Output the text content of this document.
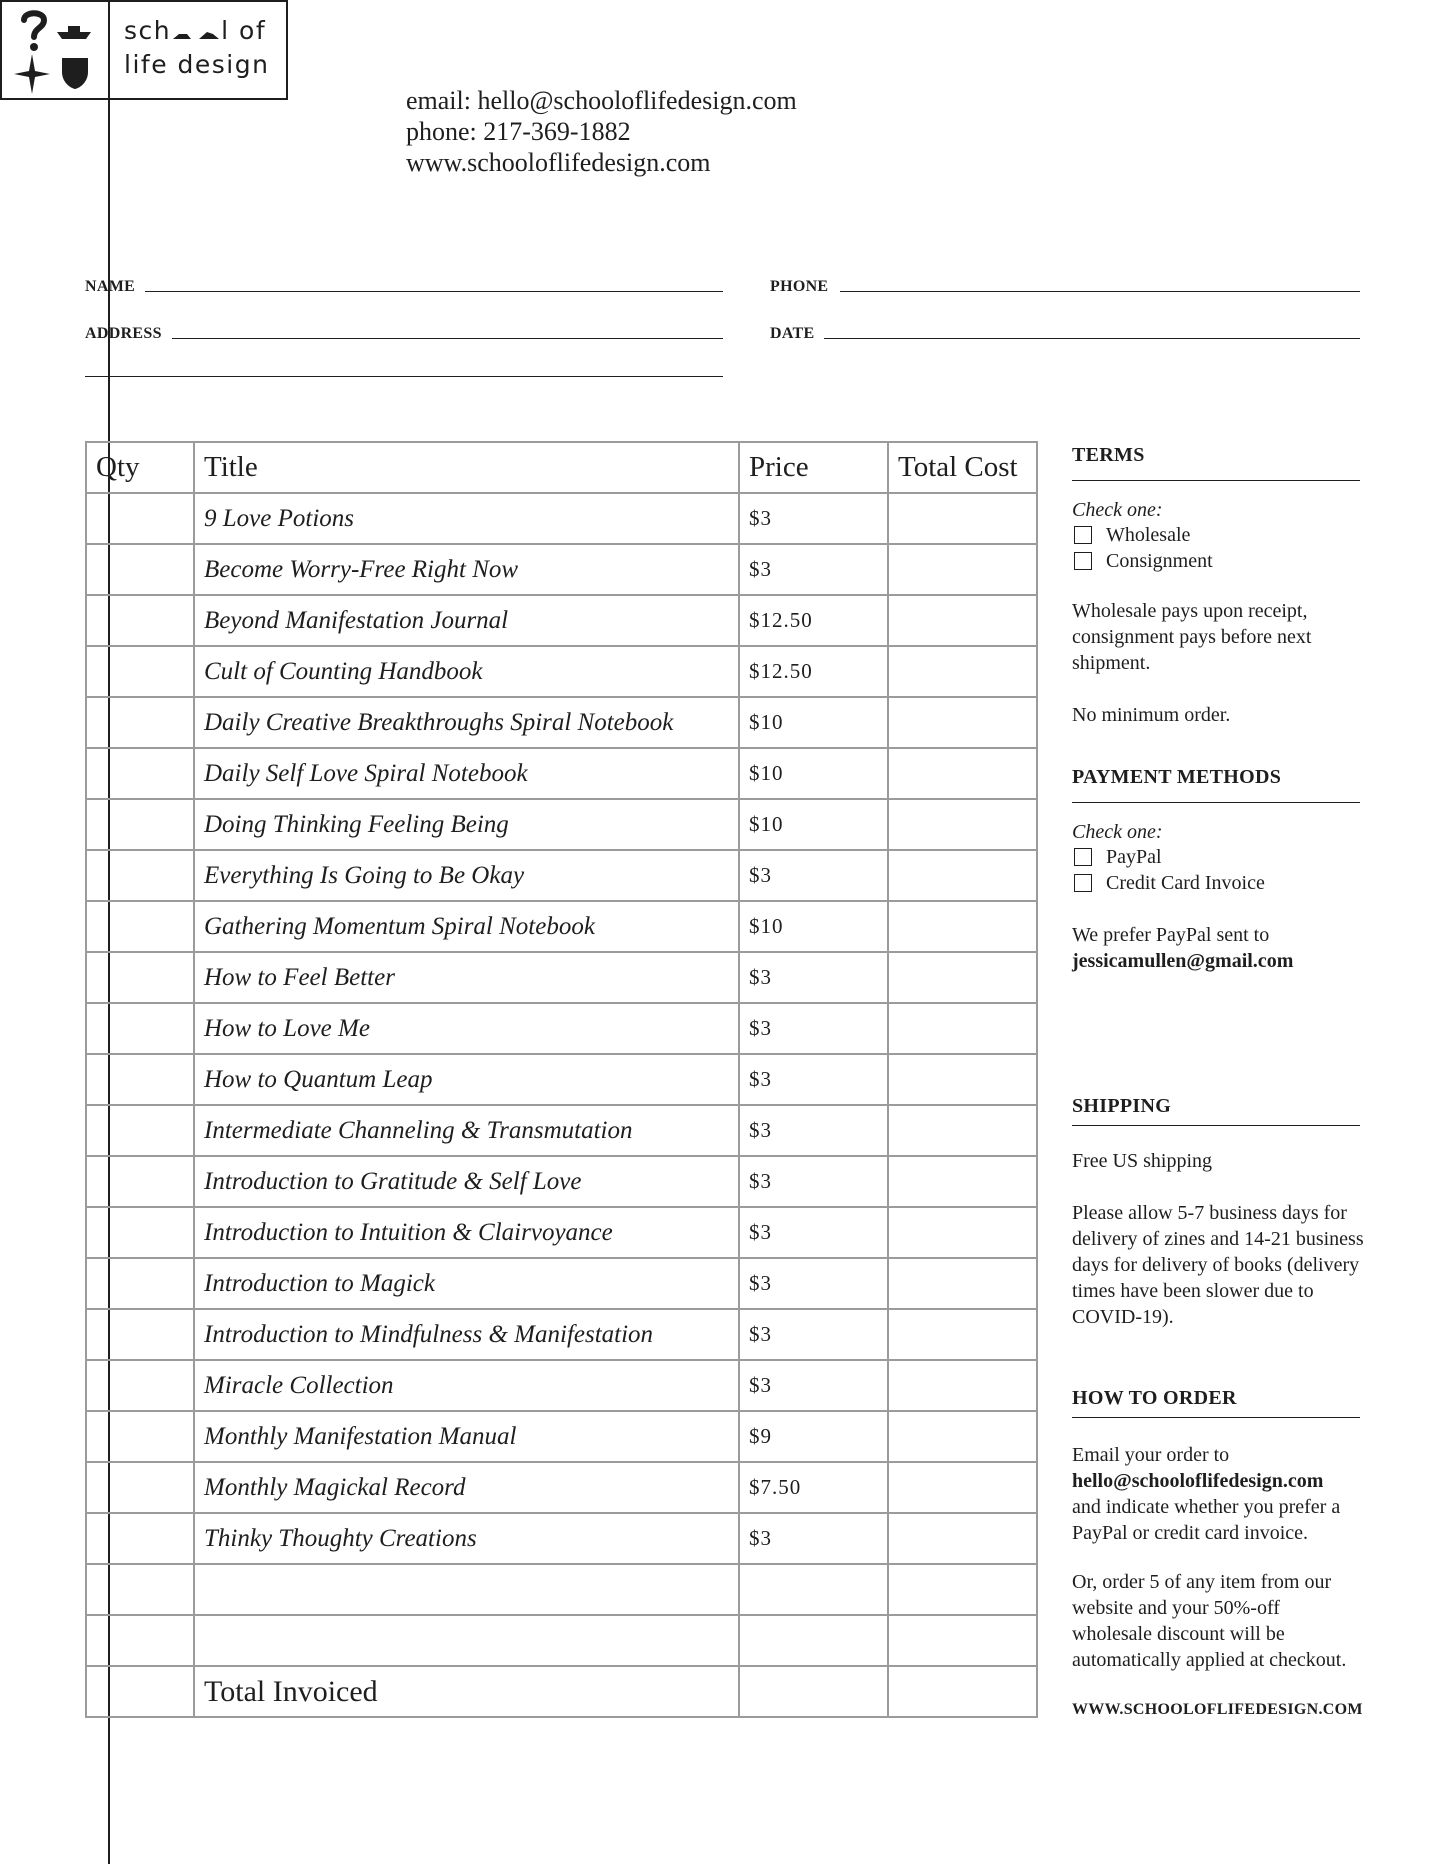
sch l of
life design
email: hello@schooloflifedesign.com
phone: 217-369-1882
www.schooloflifedesign.com
NAME
ADDRESS
PHONE
DATE
Qty	Title	Price	Total Cost
	9 Love Potions	$3	
	Become Worry-Free Right Now	$3	
	Beyond Manifestation Journal	$12.50	
	Cult of Counting Handbook	$12.50	
	Daily Creative Breakthroughs Spiral Notebook	$10	
	Daily Self Love Spiral Notebook	$10	
	Doing Thinking Feeling Being	$10	
	Everything Is Going to Be Okay	$3	
	Gathering Momentum Spiral Notebook	$10	
	How to Feel Better	$3	
	How to Love Me	$3	
	How to Quantum Leap	$3	
	Intermediate Channeling & Transmutation	$3	
	Introduction to Gratitude & Self Love	$3	
	Introduction to Intuition & Clairvoyance	$3	
	Introduction to Magick	$3	
	Introduction to Mindfulness & Manifestation	$3	
	Miracle Collection	$3	
	Monthly Manifestation Manual	$9	
	Monthly Magickal Record	$7.50	
	Thinky Thoughty Creations	$3	

	Total Invoiced		
TERMS
Check one:
Wholesale
Consignment
Wholesale pays upon receipt, consignment pays before next shipment.
No minimum order.
PAYMENT METHODS
Check one:
PayPal
Credit Card Invoice
We prefer PayPal sent to
jessicamullen@gmail.com
SHIPPING
Free US shipping
Please allow 5-7 business days for delivery of zines and 14-21 business days for delivery of books (delivery times have been slower due to COVID-19).
HOW TO ORDER
Email your order to
hello@schooloflifedesign.com
and indicate whether you prefer a PayPal or credit card invoice.
Or, order 5 of any item from our website and your 50%-off wholesale discount will be automatically applied at checkout.
WWW.SCHOOLOFLIFEDESIGN.COM
